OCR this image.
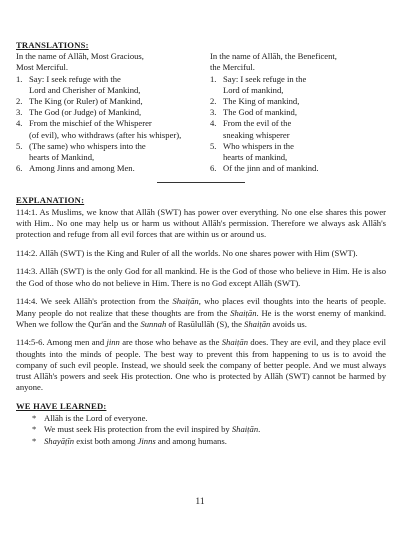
TRANSLATIONS:
In the name of Allāh, Most Gracious,
Most Merciful.
1. Say: I seek refuge with the
Lord and Cherisher of Mankind,
2. The King (or Ruler) of Mankind,
3. The God (or Judge) of Mankind,
4. From the mischief of the Whisperer
(of evil), who withdraws (after his whisper),
5. (The same) who whispers into the
hearts of Mankind,
6. Among Jinns and among Men.
In the name of Allāh, the Beneficent,
the Merciful.
1. Say: I seek refuge in the
Lord of mankind,
2. The King of mankind,
3. The God of mankind,
4. From the evil of the
sneaking whisperer
5. Who whispers in the
hearts of mankind,
6. Of the jinn and of mankind.
EXPLANATION:

114:1. As Muslims, we know that Allāh (SWT) has power over everything. No one else shares this power with Him.. No one may help us or harm us without Allāh's permission. Therefore we always ask Allāh's protection and refuge from all evil forces that are within us or around us.

114:2. Allāh (SWT) is the King and Ruler of all the worlds. No one shares power with Him (SWT).

114:3. Allāh (SWT) is the only God for all mankind. He is the God of those who believe in Him. He is also the God of those who do not believe in Him. There is no God except Allāh (SWT).

114:4. We seek Allāh's protection from the Shaiṭān, who places evil thoughts into the hearts of people. Many people do not realize that these thoughts are from the Shaiṭān. He is the worst enemy of mankind. When we follow the Qur'ān and the Sunnah of Rasūlullāh (S), the Shaiṭān avoids us.

114:5-6. Among men and jinn are those who behave as the Shaiṭān does. They are evil, and they place evil thoughts into the minds of people. The best way to prevent this from happening to us is to avoid the company of such evil people. Instead, we should seek the company of better people. And we must always trust Allāh's powers and seek His protection. One who is protected by Allāh (SWT) cannot be harmed by anyone.

WE HAVE LEARNED:
* Allāh is the Lord of everyone.
* We must seek His protection from the evil inspired by Shaiṭān.
* Shayāṭīn exist both among Jinns and among humans.
11
